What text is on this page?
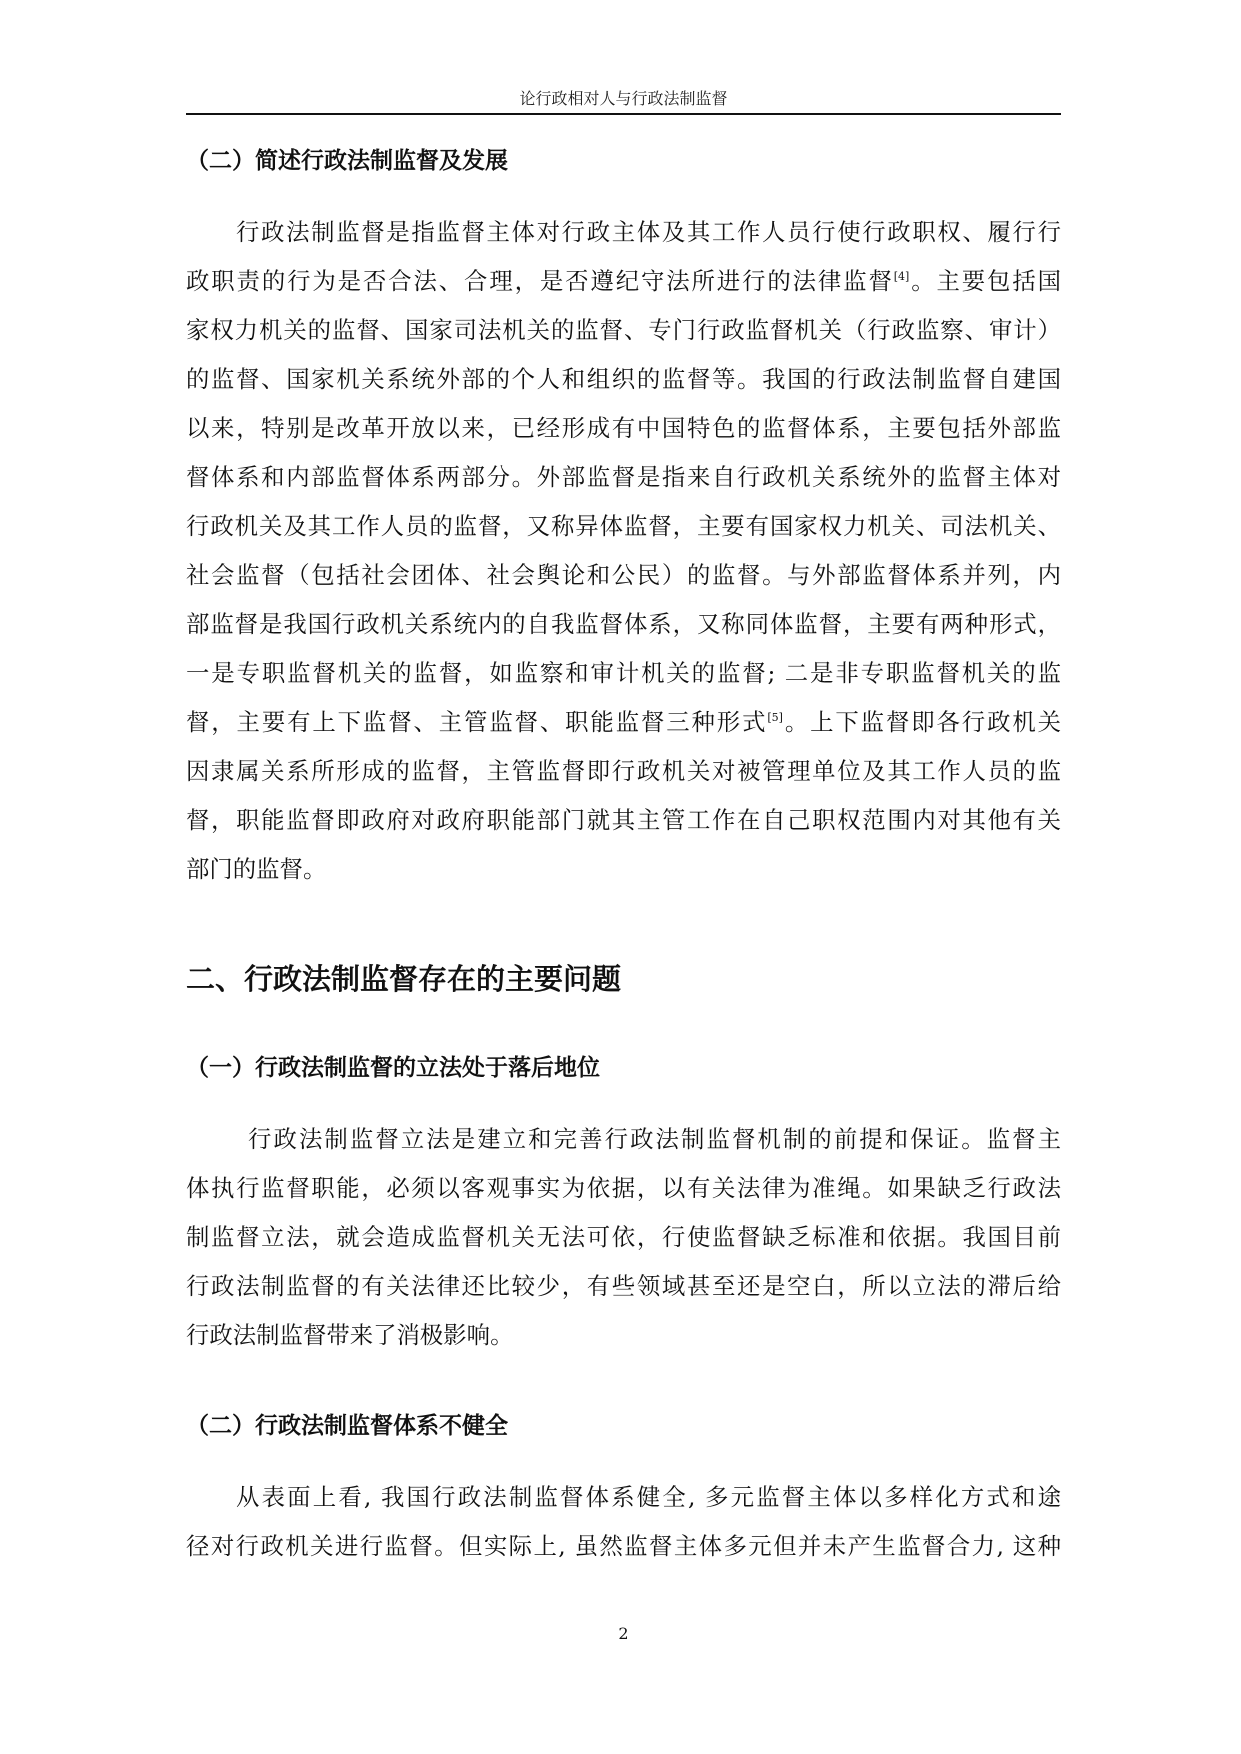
论行政相对人与行政法制监督
（二）简述行政法制监督及发展
行政法制监督是指监督主体对行政主体及其工作人员行使行政职权、履行行
政职责的行为是否合法、合理，是否遵纪守法所进行的法律监督[4]。主要包括国
家权力机关的监督、国家司法机关的监督、专门行政监督机关（行政监察、审计）
的监督、国家机关系统外部的个人和组织的监督等。我国的行政法制监督自建国
以来，特别是改革开放以来，已经形成有中国特色的监督体系，主要包括外部监
督体系和内部监督体系两部分。外部监督是指来自行政机关系统外的监督主体对
行政机关及其工作人员的监督，又称异体监督，主要有国家权力机关、司法机关、
社会监督（包括社会团体、社会舆论和公民）的监督。与外部监督体系并列，内
部监督是我国行政机关系统内的自我监督体系，又称同体监督，主要有两种形式，
一是专职监督机关的监督，如监察和审计机关的监督; 二是非专职监督机关的监
督，主要有上下监督、主管监督、职能监督三种形式[5]。上下监督即各行政机关
因隶属关系所形成的监督，主管监督即行政机关对被管理单位及其工作人员的监
督，职能监督即政府对政府职能部门就其主管工作在自己职权范围内对其他有关
部门的监督。
二、行政法制监督存在的主要问题
（一）行政法制监督的立法处于落后地位
行政法制监督立法是建立和完善行政法制监督机制的前提和保证。监督主
体执行监督职能，必须以客观事实为依据，以有关法律为准绳。如果缺乏行政法
制监督立法，就会造成监督机关无法可依，行使监督缺乏标准和依据。我国目前
行政法制监督的有关法律还比较少，有些领域甚至还是空白，所以立法的滞后给
行政法制监督带来了消极影响。
（二）行政法制监督体系不健全
从表面上看, 我国行政法制监督体系健全, 多元监督主体以多样化方式和途
径对行政机关进行监督。但实际上, 虽然监督主体多元但并未产生监督合力, 这种
2
